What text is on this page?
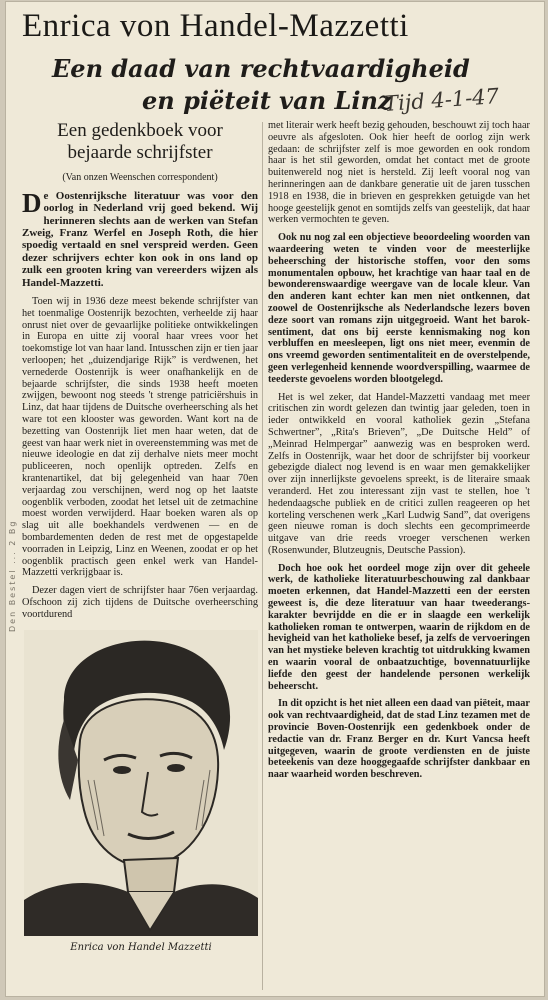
Den Bestel ... 2 Bg
Enrica von Handel-Mazzetti
Een daad van rechtvaardigheid
en piëteit van Linz
Tijd 4-1-47
Een gedenkboek voor
bejaarde schrijfster
(Van onzen Weenschen correspondent)
De Oostenrijksche literatuur was voor den oorlog in Nederland vrij goed bekend. Wij herinneren slechts aan de werken van Stefan Zweig, Franz Werfel en Joseph Roth, die hier spoedig vertaald en snel verspreid werden. Geen dezer schrijvers echter kon ook in ons land op zulk een grooten kring van vereerders wijzen als Handel-Mazzetti.

Toen wij in 1936 deze meest bekende schrijfster van het toenmalige Oostenrijk bezochten, verheelde zij haar onrust niet over de gevaarlijke politieke ontwikkelingen in Europa en uitte zij vooral haar vrees voor het toekomstige lot van haar land. Intusschen zijn er tien jaar verloopen; het „duizendjarige Rijk” is verdwenen, het vernederde Oostenrijk is weer onafhankelijk en de bejaarde schrijfster, die sinds 1938 heeft moeten zwijgen, bewoont nog steeds 't strenge patriciërshuis in Linz, dat haar tijdens de Duitsche overheersching als het ware tot een klooster was geworden. Want kort na de bezetting van Oostenrijk liet men haar weten, dat de geest van haar werk niet in overeenstemming was met de nieuwe ideologie en dat zij derhalve niets meer mocht publiceeren, noch openlijk optreden. Zelfs en krantenartikel, dat bij gelegenheid van haar 70en verjaardag zou verschijnen, werd nog op het laatste oogenblik verboden, zoodat het letsel uit de zetmachine moest worden verwijderd. Haar boeken waren als op slag uit alle boekhandels verdwenen — en de bombardementen deden de rest met de opgestapelde voorraden in Leipzig, Linz en Weenen, zoodat er op het oogenblik practisch geen enkel werk van Handel-Mazzetti verkrijgbaar is.

Dezer dagen viert de schrijfster haar 76en verjaardag. Ofschoon zij zich tijdens de Duitsche overheersching voortdurend

Enrica von Handel Mazzetti

met literair werk heeft bezig gehouden, beschouwt zij toch haar oeuvre als afgesloten. Ook hier heeft de oorlog zijn werk gedaan: de schrijfster zelf is moe geworden en ook rondom haar is het stil geworden, omdat het contact met de groote buitenwereld nog niet is hersteld. Zij leeft vooral nog van herinneringen aan de dankbare generatie uit de jaren tusschen 1918 en 1938, die in brieven en gesprekken getuigde van het hooge geestelijk genot en somtijds zelfs van geestelijk, dat haar werken vermochten te geven.

Ook nu nog zal een objectieve beoordeeling woorden van waardeering weten te vinden voor de meesterlijke beheersching der historische stoffen, voor den soms monumentalen opbouw, het krachtige van haar taal en de bewonderenswaardige weergave van de locale kleur. Van den anderen kant echter kan men niet ontkennen, dat zoowel de Oostenrijksche als Nederlandsche lezers boven deze soort van romans zijn uitgegroeid. Want het barok-sentiment, dat ons bij eerste kennismaking nog kon verbluffen en meesleepen, ligt ons niet meer, evenmin de ons vreemd geworden sentimentaliteit en de overstelpende, geen verlegenheid kennende woordverspilling, waarmee de teederste gevoelens worden blootgelegd.

Het is wel zeker, dat Handel-Mazzetti vandaag met meer critischen zin wordt gelezen dan twintig jaar geleden, toen in ieder ontwikkeld en vooral katholiek gezin „Stefana Schwertner”, „Rita's Brieven”, „De Duitsche Held” of „Meinrad Helmpergar” aanwezig was en besproken werd. Zelfs in Oostenrijk, waar het door de schrijfster bij voorkeur gebezigde dialect nog levend is en waar men gemakkelijker over zijn innerlijkste gevoelens spreekt, is de literaire smaak veranderd. Het zou interessant zijn vast te stellen, hoe 't hedendaagsche publiek en de critici zullen reageeren op het korteling verschenen werk „Karl Ludwig Sand”, dat overigens geen nieuwe roman is doch slechts een gecomprimeerde uitgave van drie reeds vroeger verschenen werken (Rosenwunder, Blutzeugnis, Deutsche Passion).

Doch hoe ook het oordeel moge zijn over dit geheele werk, de katholieke literatuurbeschouwing zal dankbaar moeten erkennen, dat Handel-Mazzetti een der eersten geweest is, die deze literatuur van haar tweederangs-karakter bevrijdde en die er in slaagde een werkelijk katholieken roman te ontwerpen, waarin de rijkdom en de hevigheid van het katholieke besef, ja zelfs de vervoeringen van het mystieke beleven krachtig tot uitdrukking kwamen en waarin vooral de onbaatzuchtige, bovennatuurlijke liefde den geest der handelende personen werkelijk beheerscht.

In dit opzicht is het niet alleen een daad van piëteit, maar ook van rechtvaardigheid, dat de stad Linz tezamen met de provincie Boven-Oostenrijk een gedenkboek onder de redactie van dr. Franz Berger en dr. Kurt Vancsa heeft uitgegeven, waarin de groote verdiensten en de juiste beteekenis van deze hooggegaafde schrijfster dankbaar en naar waarheid worden beschreven.
